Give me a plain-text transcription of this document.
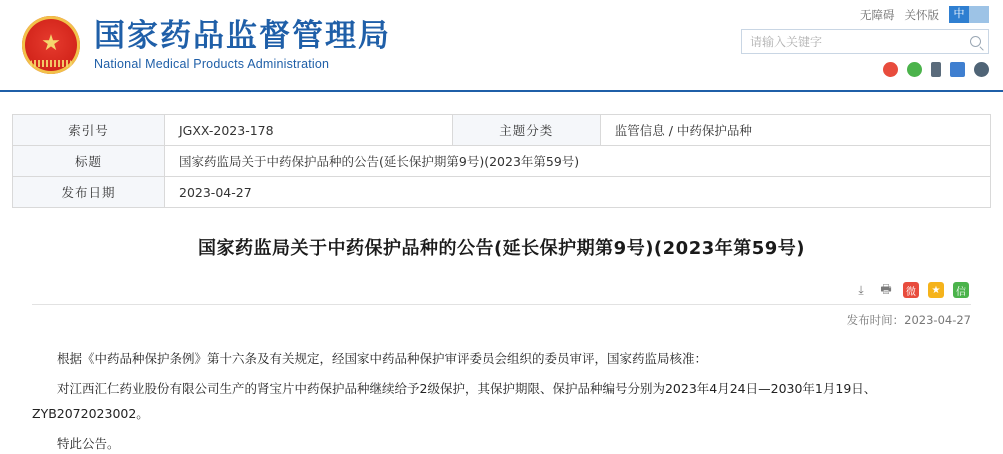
★
国家药品监督管理局
National Medical Products Administration
无障碍 关怀版	中
请输入关键字
索引号	JGXX-2023-178	主题分类	监管信息 / 中药保护品种
标题	国家药监局关于中药保护品种的公告(延长保护期第9号)(2023年第59号)		
发布日期	2023-04-27		
国家药监局关于中药保护品种的公告(延长保护期第9号)(2023年第59号)
⤓	🖶	微	★	信
发布时间：2023-04-27

根据《中药品种保护条例》第十六条及有关规定，经国家中药品种保护审评委员会组织的委员审评，国家药监局核准：

对江西汇仁药业股份有限公司生产的肾宝片中药保护品种继续给予2级保护，其保护期限、保护品种编号分别为2023年4月24日—2030年1月19日、ZYB2072023002。

特此公告。
